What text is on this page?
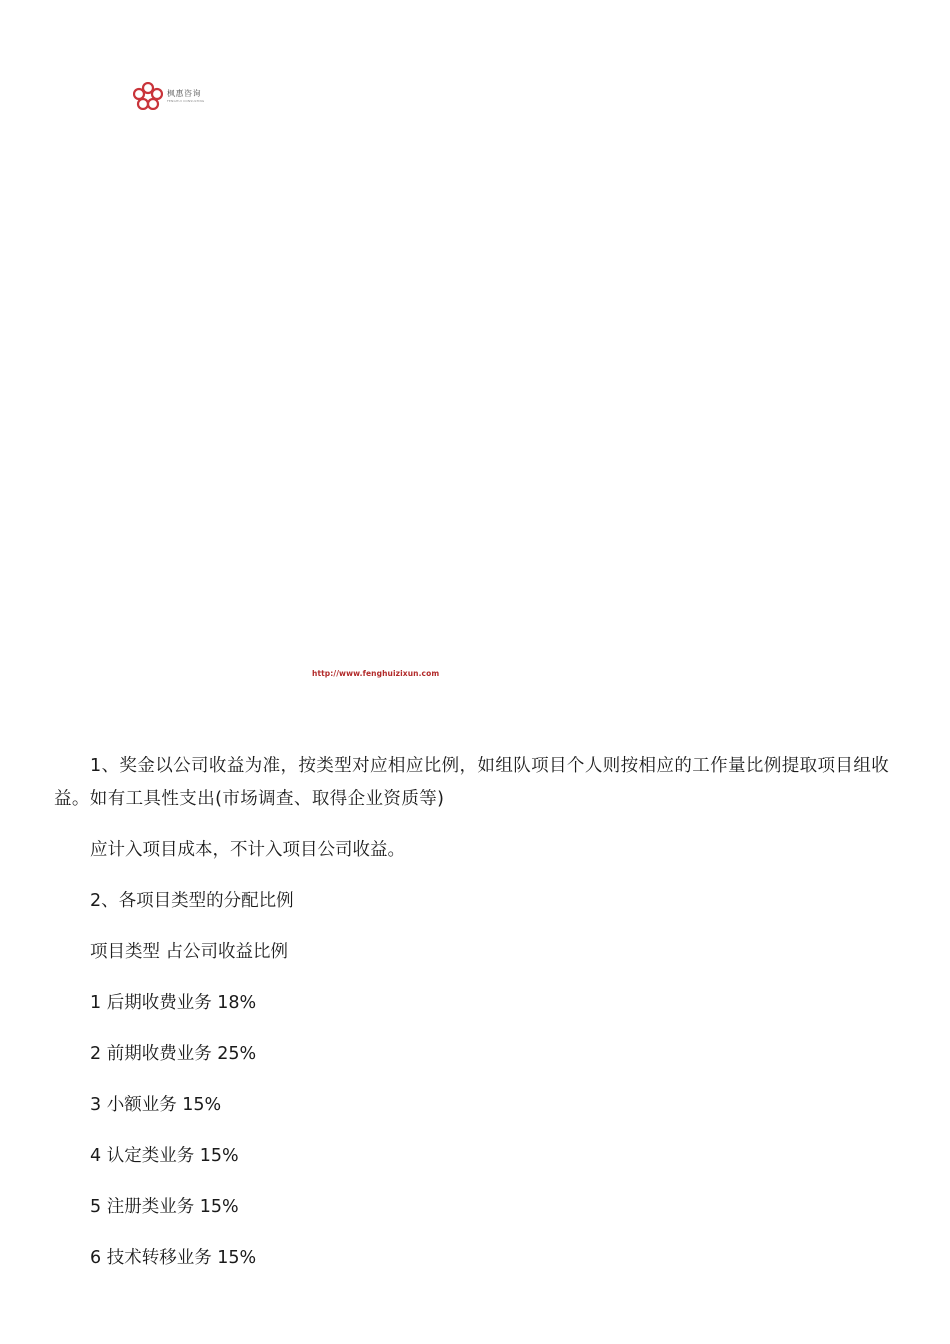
枫惠咨询
FENGHUI CONSULTING
http://www.fenghuizixun.com

1、奖金以公司收益为准，按类型对应相应比例，如组队项目个人则按相应的工作量比例提取项目组收益。如有工具性支出(市场调查、取得企业资质等)

应计入项目成本，不计入项目公司收益。

2、各项目类型的分配比例

项目类型 占公司收益比例

1 后期收费业务 18%

2 前期收费业务 25%

3 小额业务 15%

4 认定类业务 15%

5 注册类业务 15%

6 技术转移业务 15%
